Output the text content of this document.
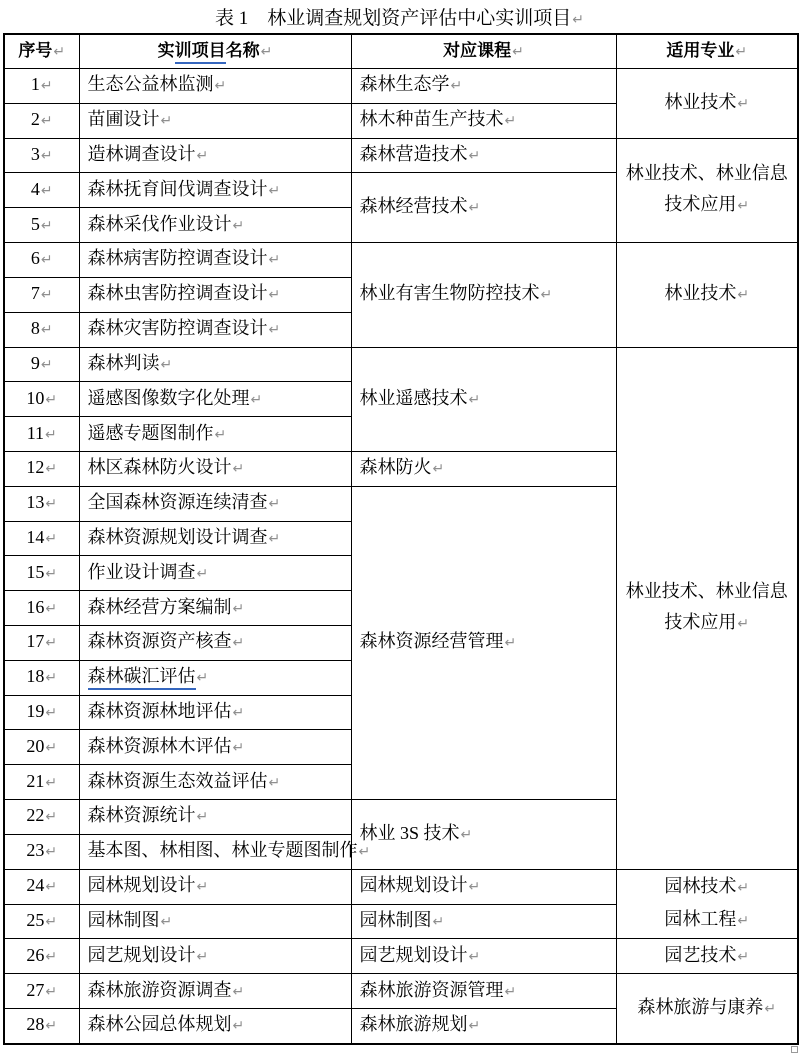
表 1　林业调查规划资产评估中心实训项目↵
序号↵	实训项目名称↵	对应课程↵	适用专业↵
1↵	生态公益林监测↵	森林生态学↵	林业技术↵

2↵	苗圃设计↵	林木种苗生产技术↵	
3↵	造林调查设计↵	森林营造技术↵	林业技术、林业信息技术应用↵

4↵	森林抚育间伐调查设计↵	森林经营技术↵	
5↵	森林采伐作业设计↵		
6↵	森林病害防控调查设计↵	林业有害生物防控技术↵	林业技术↵

7↵	森林虫害防控调查设计↵		
8↵	森林灾害防控调查设计↵		
9↵	森林判读↵	林业遥感技术↵	林业技术、林业信息技术应用↵

10↵	遥感图像数字化处理↵		
11↵	遥感专题图制作↵		
12↵	林区森林防火设计↵	森林防火↵	
13↵	全国森林资源连续清查↵	森林资源经营管理↵	
14↵	森林资源规划设计调查↵		
15↵	作业设计调查↵		
16↵	森林经营方案编制↵		
17↵	森林资源资产核查↵		
18↵	森林碳汇评估↵		
19↵	森林资源林地评估↵		
20↵	森林资源林木评估↵		
21↵	森林资源生态效益评估↵		
22↵	森林资源统计↵	林业 3S 技术↵	
23↵	基本图、林相图、林业专题图制作↵		
24↵	园林规划设计↵	园林规划设计↵	园林技术↵
园林工程↵

25↵	园林制图↵	园林制图↵	
26↵	园艺规划设计↵	园艺规划设计↵	园艺技术↵

27↵	森林旅游资源调查↵	森林旅游资源管理↵	森林旅游与康养↵

28↵	森林公园总体规划↵	森林旅游规划↵	
